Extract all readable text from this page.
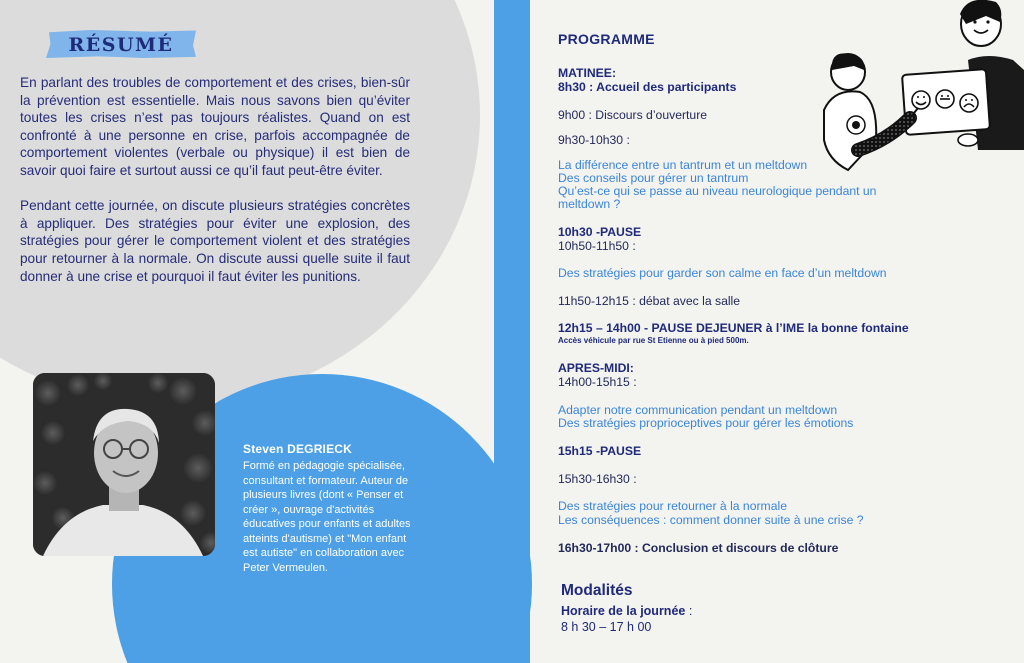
RÉSUMÉ

En parlant des troubles de comportement et des crises, bien-sûr la prévention est essentielle. Mais nous savons bien qu’éviter toutes les crises n’est pas toujours réalistes. Quand on est confronté à une personne en crise, parfois accompagnée de comportement violentes (verbale ou physique) il est bien de savoir quoi faire et surtout aussi ce qu’il faut peut-être éviter.

Pendant cette journée, on discute plusieurs stratégies concrètes à appliquer. Des stratégies pour éviter une explosion, des stratégies pour gérer le comportement violent et des stratégies pour retourner à la normale. On discute aussi quelle suite il faut donner à une crise et pourquoi il faut éviter les punitions.

Steven DEGRIECK
Formé en pédagogie spécialisée, consultant et formateur. Auteur de plusieurs livres (dont « Penser et créer », ouvrage d'activités éducatives pour enfants et adultes atteints d'autisme) et "Mon enfant est autiste" en collaboration avec Peter Vermeulen.
PROGRAMME
MATINEE:
8h30 : Accueil des participants
9h00 : Discours d’ouverture
9h30-10h30 :
La différence entre un tantrum et un meltdown
Des conseils pour gérer un tantrum
Qu’est-ce qui se passe au niveau neurologique pendant un
meltdown ?
10h30 -PAUSE
10h50-11h50 :
Des stratégies pour garder son calme en face d’un meltdown
11h50-12h15 : débat avec la salle
12h15 – 14h00 - PAUSE DEJEUNER à l’IME la bonne fontaine
Accès véhicule par rue St Etienne ou à pied 500m.
APRES-MIDI:
14h00-15h15 :
Adapter notre communication pendant un meltdown
Des stratégies proprioceptives pour gérer les émotions
15h15 -PAUSE
15h30-16h30 :
Des stratégies pour retourner à la normale
Les conséquences : comment donner suite à une crise ?
16h30-17h00 : Conclusion et discours de clôture
Modalités
Horaire de la journée :
8 h 30 – 17 h 00
